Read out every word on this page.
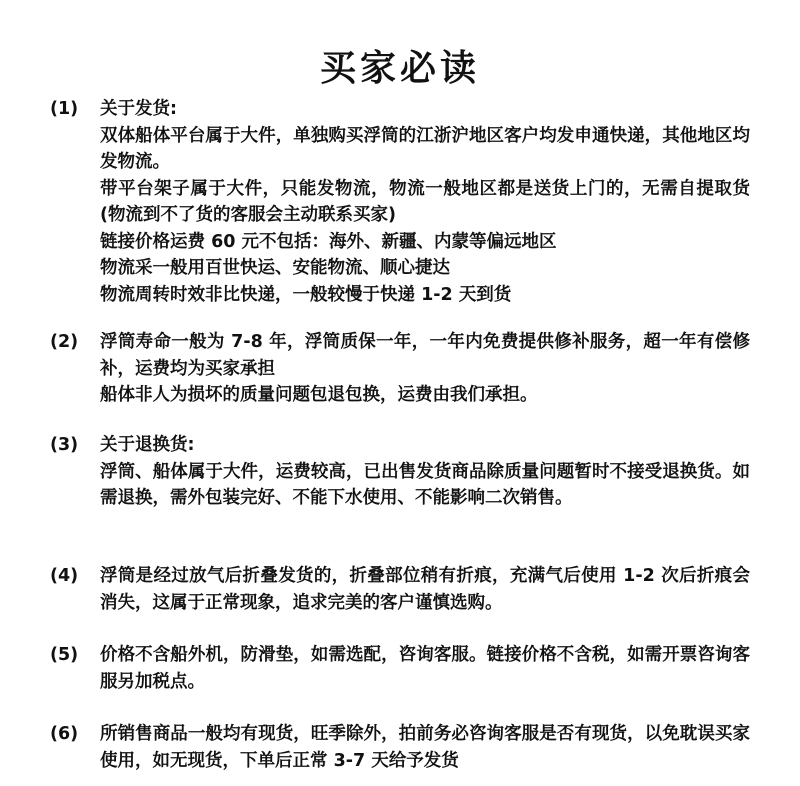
买家必读
(1)	关于发货:
双体船体平台属于大件，单独购买浮筒的江浙沪地区客户均发申通快递，其他地区均发物流。
带平台架子属于大件，只能发物流，物流一般地区都是送货上门的，无需自提取货(物流到不了货的客服会主动联系买家)
链接价格运费 60 元不包括：海外、新疆、内蒙等偏远地区
物流采一般用百世快运、安能物流、顺心捷达
物流周转时效非比快递，一般较慢于快递 1-2 天到货
(2)	浮筒寿命一般为 7-8 年，浮筒质保一年，一年内免费提供修补服务，超一年有偿修补，运费均为买家承担
船体非人为损坏的质量问题包退包换，运费由我们承担。
(3)	关于退换货:
浮筒、船体属于大件，运费较高，已出售发货商品除质量问题暂时不接受退换货。如需退换，需外包装完好、不能下水使用、不能影响二次销售。
(4)	浮筒是经过放气后折叠发货的，折叠部位稍有折痕，充满气后使用 1-2 次后折痕会消失，这属于正常现象，追求完美的客户谨慎选购。
(5)	价格不含船外机，防滑垫，如需选配，咨询客服。链接价格不含税，如需开票咨询客服另加税点。
(6)	所销售商品一般均有现货，旺季除外，拍前务必咨询客服是否有现货，以免耽误买家使用，如无现货，下单后正常 3-7 天给予发货
